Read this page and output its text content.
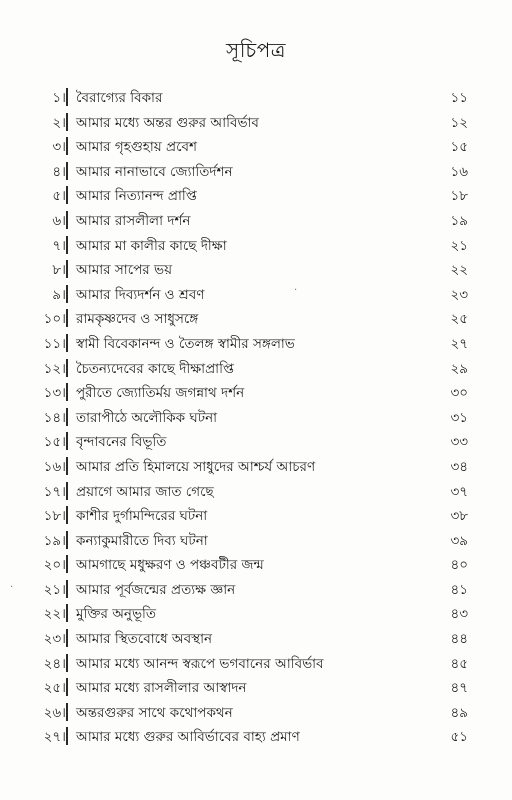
সূচিপত্র
১। বৈরাগ্যের বিকার	১১
২। আমার মধ্যে অন্তর গুরুর আবির্ভাব	১২
৩। আমার গৃহগুহায় প্রবেশ	১৫
৪। আমার নানাভাবে জ্যোতির্দশন	১৬
৫। আমার নিত্যানন্দ প্রাপ্তি	১৮
৬। আমার রাসলীলা দর্শন	১৯
৭। আমার মা কালীর কাছে দীক্ষা	২১
৮। আমার সাপের ভয়	২২
৯। আমার দিব্যদর্শন ও শ্রবণ	২৩
১০। রামকৃষ্ণদেব ও সাধুসঙ্গে	২৫
১১। স্বামী বিবেকানন্দ ও তৈলঙ্গ স্বামীর সঙ্গলাভ	২৭
১২। চৈতন্যদেবের কাছে দীক্ষাপ্রাপ্তি	২৯
১৩। পুরীতে জ্যোতির্ময় জগন্নাথ দর্শন	৩০
১৪। তারাপীঠে অলৌকিক ঘটনা	৩১
১৫। বৃন্দাবনের বিভূতি	৩৩
১৬। আমার প্রতি হিমালয়ে সাধুদের আশ্চর্য আচরণ	৩৪
১৭। প্রয়াগে আমার জাত গেছে	৩৭
১৮। কাশীর দুর্গামন্দিরের ঘটনা	৩৮
১৯। কন্যাকুমারীতে দিব্য ঘটনা	৩৯
২০। আমগাছে মধুক্ষরণ ও পঞ্চবটীর জন্ম	৪০
২১। আমার পূর্বজন্মের প্রত্যক্ষ জ্ঞান	৪১
২২। মুক্তির অনুভূতি	৪৩
২৩। আমার স্থিতবোধে অবস্থান	৪৪
২৪। আমার মধ্যে আনন্দ স্বরূপে ভগবানের আবির্ভাব	৪৫
২৫। আমার মধ্যে রাসলীলার আস্বাদন	৪৭
২৬। অন্তরগুরুর সাথে কথোপকথন	৪৯
২৭। আমার মধ্যে গুরুর আবির্ভাবের বাহ্য প্রমাণ	৫১
·
·
